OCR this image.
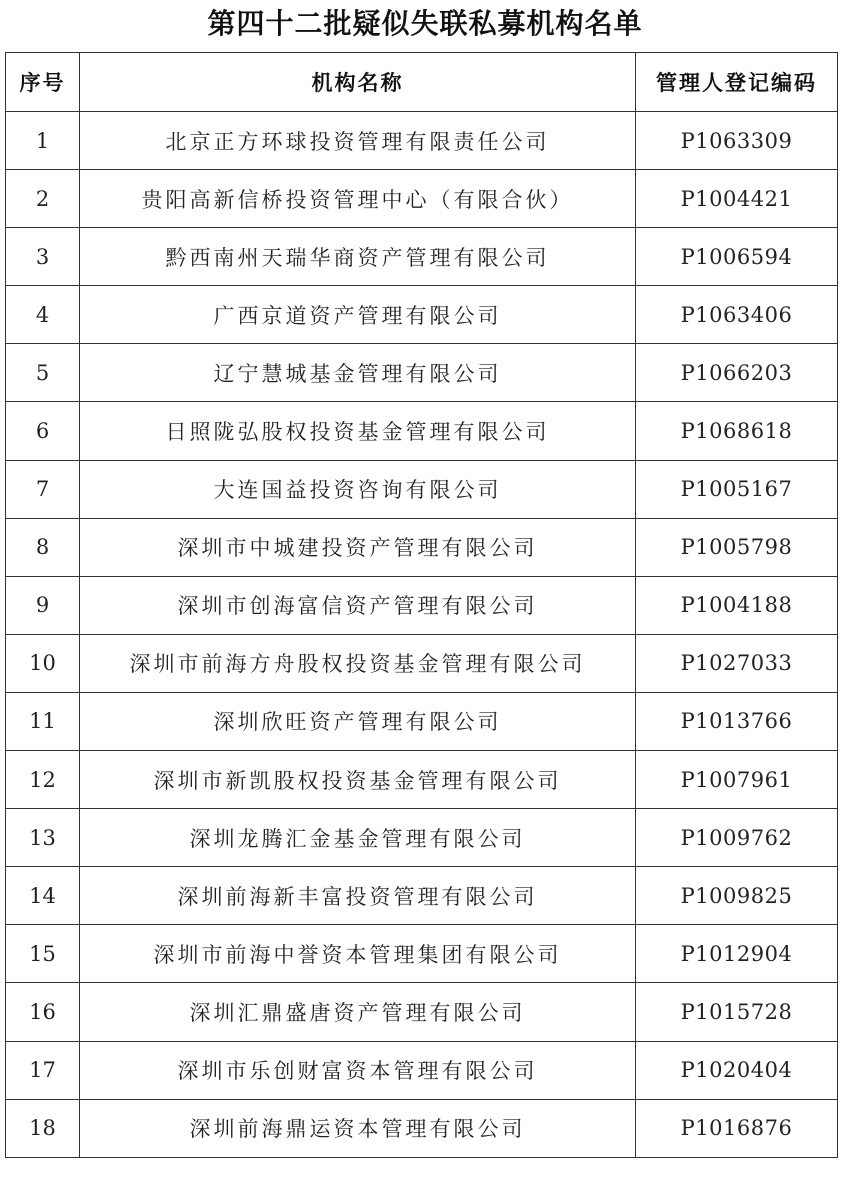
第四十二批疑似失联私募机构名单
序号	机构名称	管理人登记编码
1	北京正方环球投资管理有限责任公司	P1063309
2	贵阳高新信桥投资管理中心（有限合伙）	P1004421
3	黔西南州天瑞华商资产管理有限公司	P1006594
4	广西京道资产管理有限公司	P1063406
5	辽宁慧城基金管理有限公司	P1066203
6	日照陇弘股权投资基金管理有限公司	P1068618
7	大连国益投资咨询有限公司	P1005167
8	深圳市中城建投资产管理有限公司	P1005798
9	深圳市创海富信资产管理有限公司	P1004188
10	深圳市前海方舟股权投资基金管理有限公司	P1027033
11	深圳欣旺资产管理有限公司	P1013766
12	深圳市新凯股权投资基金管理有限公司	P1007961
13	深圳龙腾汇金基金管理有限公司	P1009762
14	深圳前海新丰富投资管理有限公司	P1009825
15	深圳市前海中誉资本管理集团有限公司	P1012904
16	深圳汇鼎盛唐资产管理有限公司	P1015728
17	深圳市乐创财富资本管理有限公司	P1020404
18	深圳前海鼎运资本管理有限公司	P1016876
